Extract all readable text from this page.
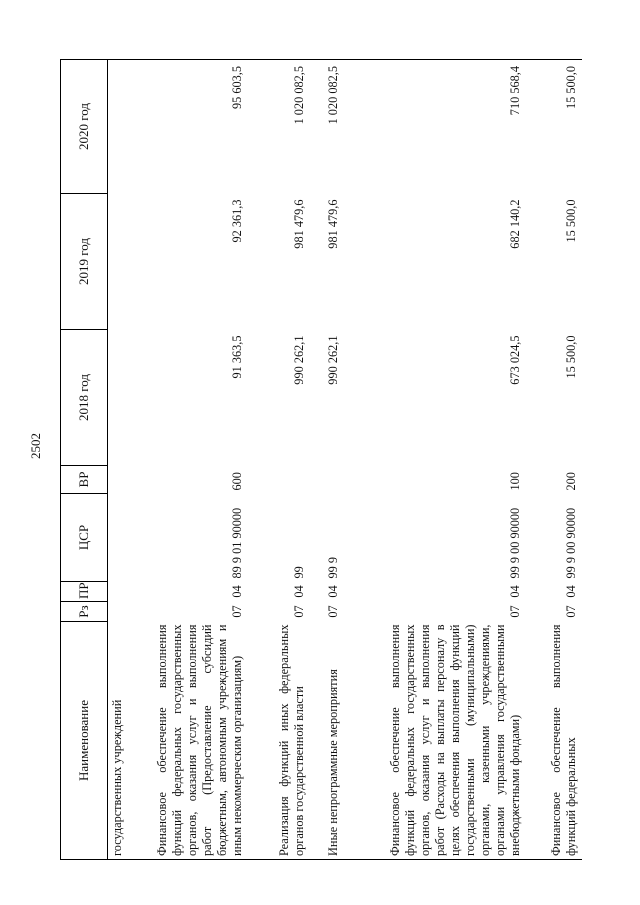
2502
Наименование	Рз	ПР	ЦСР	ВР	2018 год	2019 год	2020 год
государственных учреждений							
Финансовое обеспечение выполнения функций федеральных государственных органов, оказания услуг и выполнения работ (Предоставление субсидий бюджетным, автономным учреждениям и иным некоммерческим организациям)	07	04	89 9 01 90000	600	91 363,5	92 361,3	95 603,5
Реализация функций иных федеральных органов государственной власти	07	04	99		990 262,1	981 479,6	1 020 082,5
Иные непрограммные мероприятия	07	04	99 9		990 262,1	981 479,6	1 020 082,5
Финансовое обеспечение выполнения функций федеральных государственных органов, оказания услуг и выполнения работ (Расходы на выплаты персоналу в целях обеспечения выполнения функций государственными (муниципальными) органами, казенными учреждениями, органами управления государственными внебюджетными фондами)	07	04	99 9 00 90000	100	673 024,5	682 140,2	710 568,4
Финансовое обеспечение выполнения функций федеральных	07	04	99 9 00 90000	200	15 500,0	15 500,0	15 500,0
